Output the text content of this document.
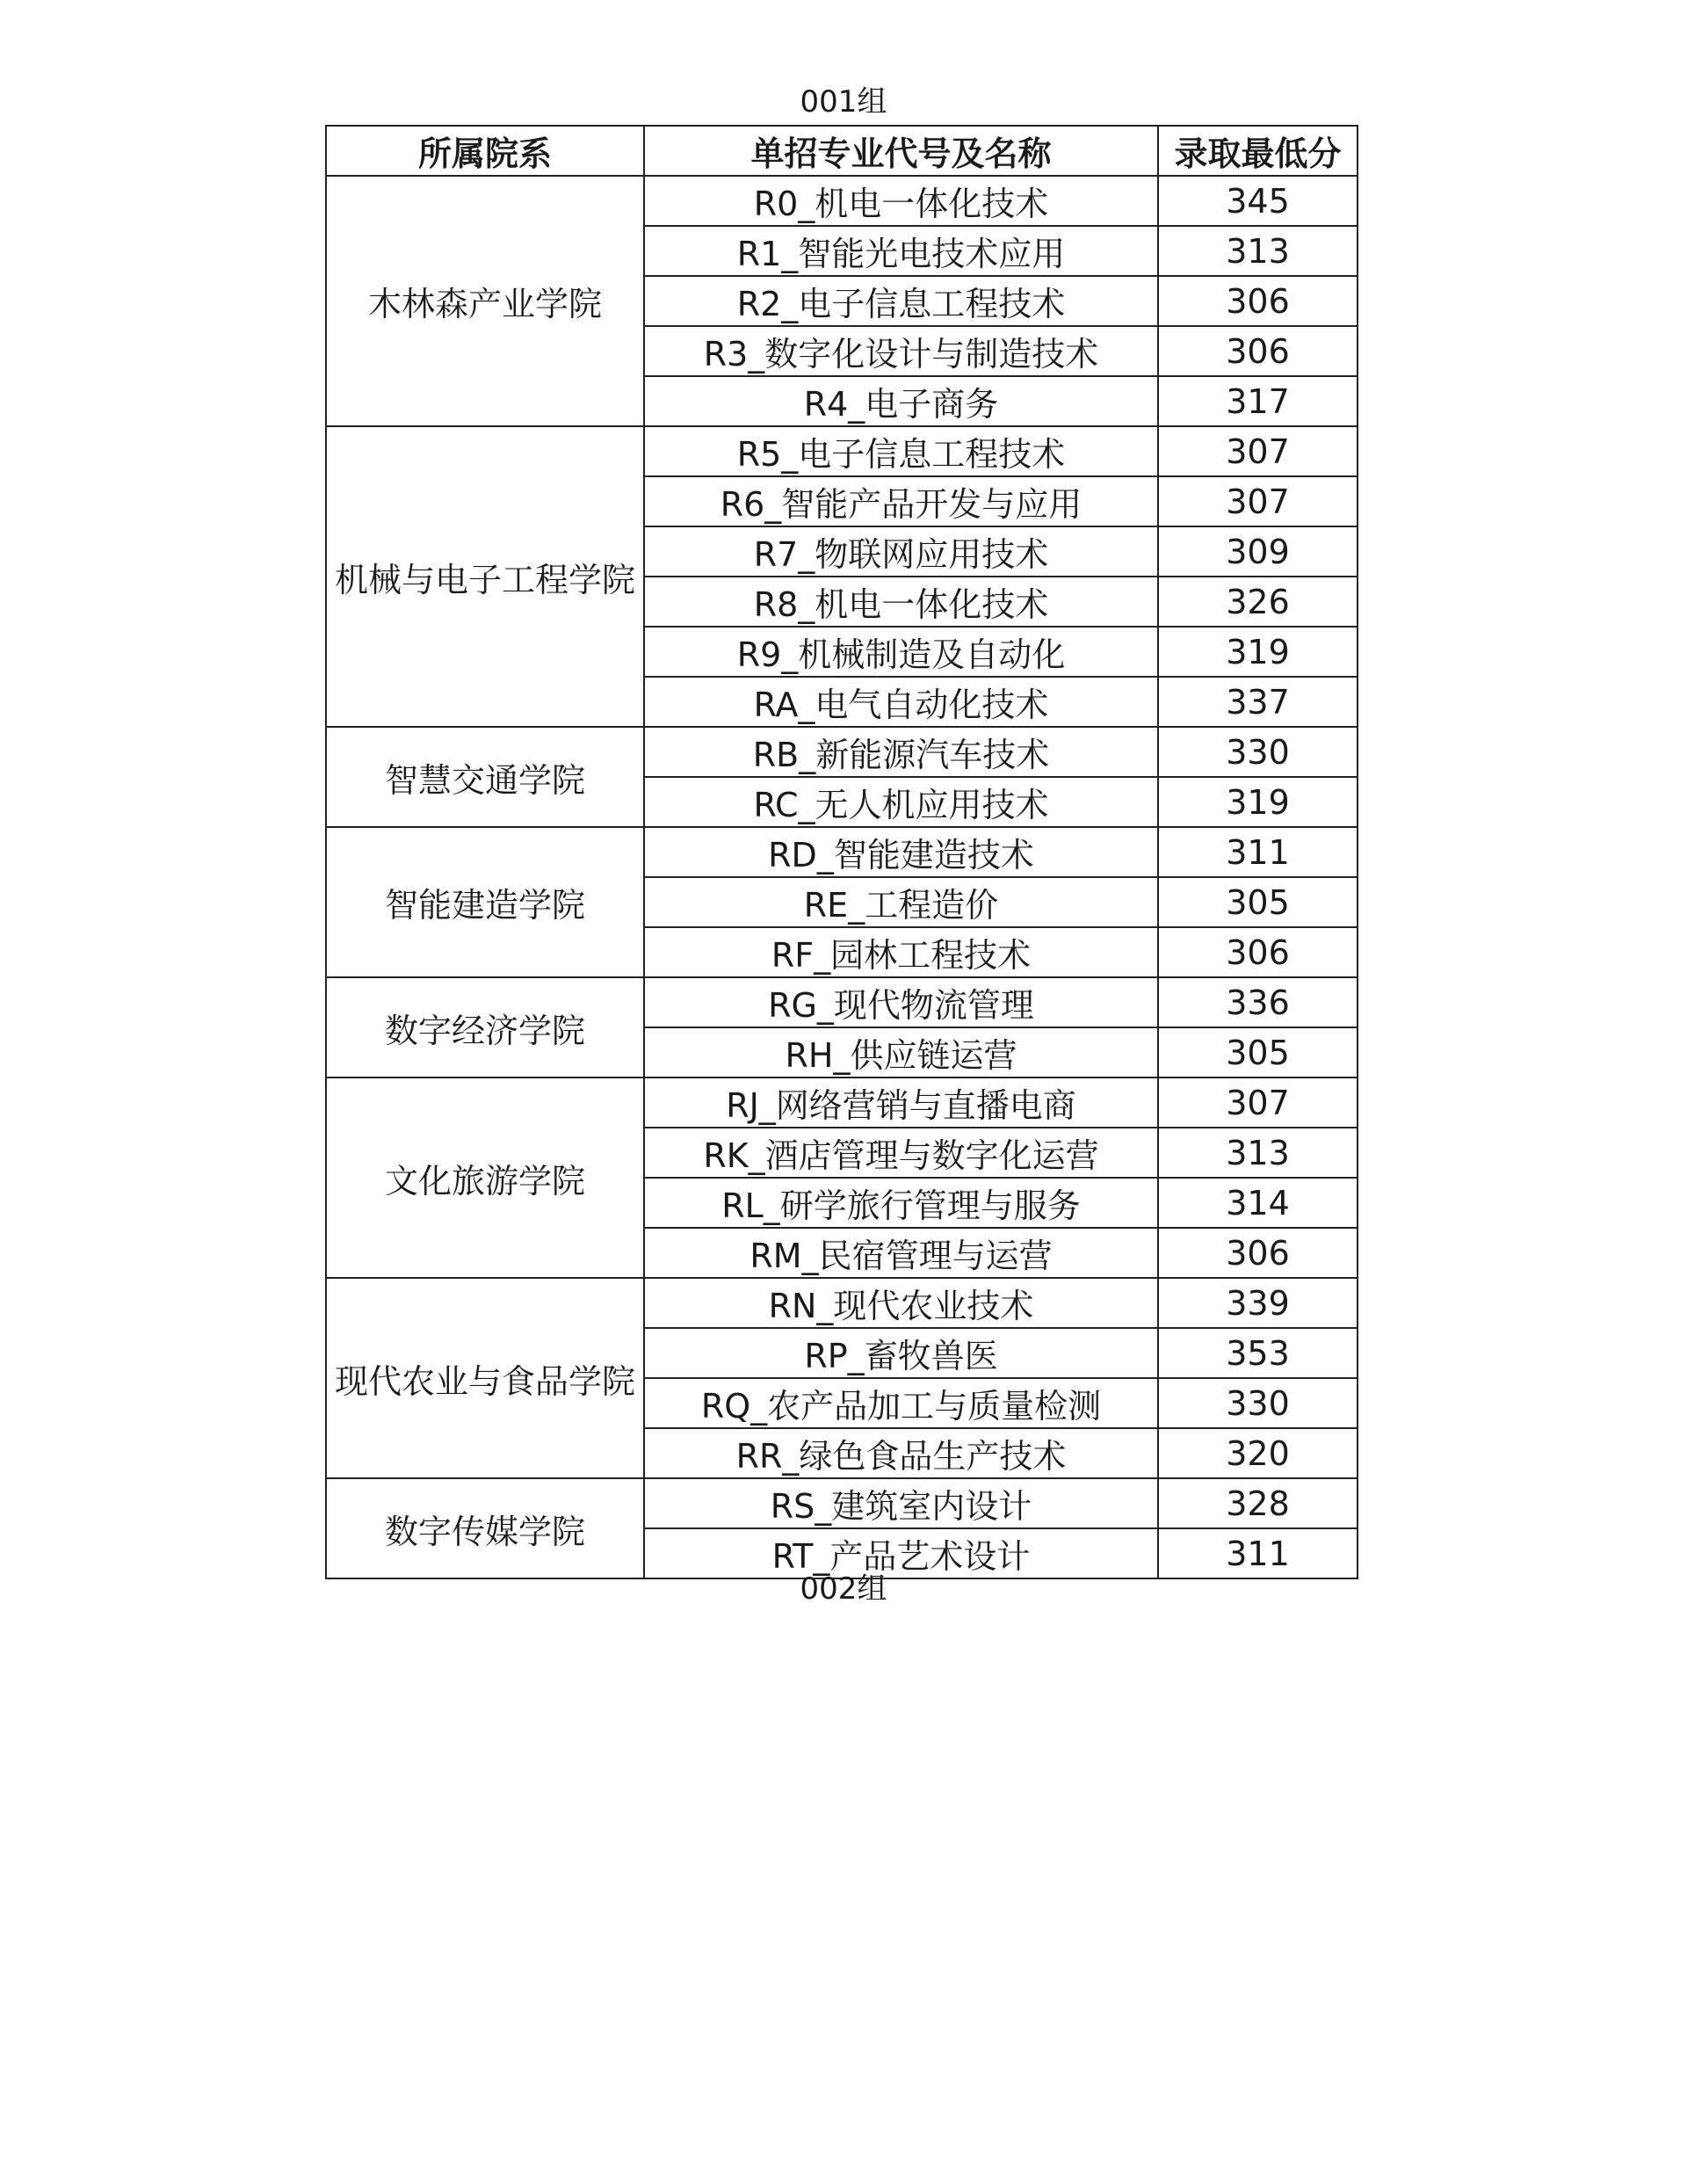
001组
所属院系	单招专业代号及名称	录取最低分
木林森产业学院	R0_机电一体化技术	345
	R1_智能光电技术应用	313
	R2_电子信息工程技术	306
	R3_数字化设计与制造技术	306
	R4_电子商务	317
机械与电子工程学院	R5_电子信息工程技术	307
	R6_智能产品开发与应用	307
	R7_物联网应用技术	309
	R8_机电一体化技术	326
	R9_机械制造及自动化	319
	RA_电气自动化技术	337
智慧交通学院	RB_新能源汽车技术	330
	RC_无人机应用技术	319
智能建造学院	RD_智能建造技术	311
	RE_工程造价	305
	RF_园林工程技术	306
数字经济学院	RG_现代物流管理	336
	RH_供应链运营	305
文化旅游学院	RJ_网络营销与直播电商	307
	RK_酒店管理与数字化运营	313
	RL_研学旅行管理与服务	314
	RM_民宿管理与运营	306
现代农业与食品学院	RN_现代农业技术	339
	RP_畜牧兽医	353
	RQ_农产品加工与质量检测	330
	RR_绿色食品生产技术	320
数字传媒学院	RS_建筑室内设计	328
	RT_产品艺术设计	311
002组
